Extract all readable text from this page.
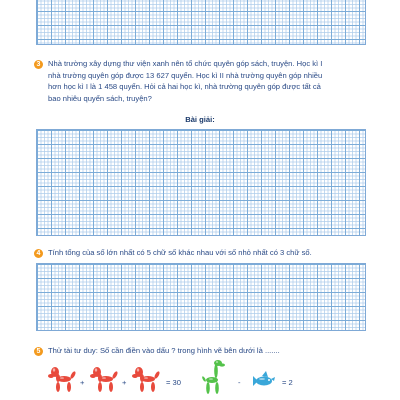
3 Nhà trường xây dựng thư viện xanh nên tổ chức quyên góp sách, truyện. Học kì I
nhà trường quyên góp được 13 627 quyển. Học kì II nhà trường quyên góp nhiều
hơn học kì I là 1 458 quyển. Hỏi cả hai học kì, nhà trường quyên góp được tất cả
bao nhiêu quyển sách, truyện?

Bài giải:
4 Tính tổng của số lớn nhất có 5 chữ số khác nhau với số nhỏ nhất có 3 chữ số.

5 Thử tài tư duy: Số cần điền vào dấu ? trong hình vẽ bên dưới là .......

+	+	= 30	-	= 2
